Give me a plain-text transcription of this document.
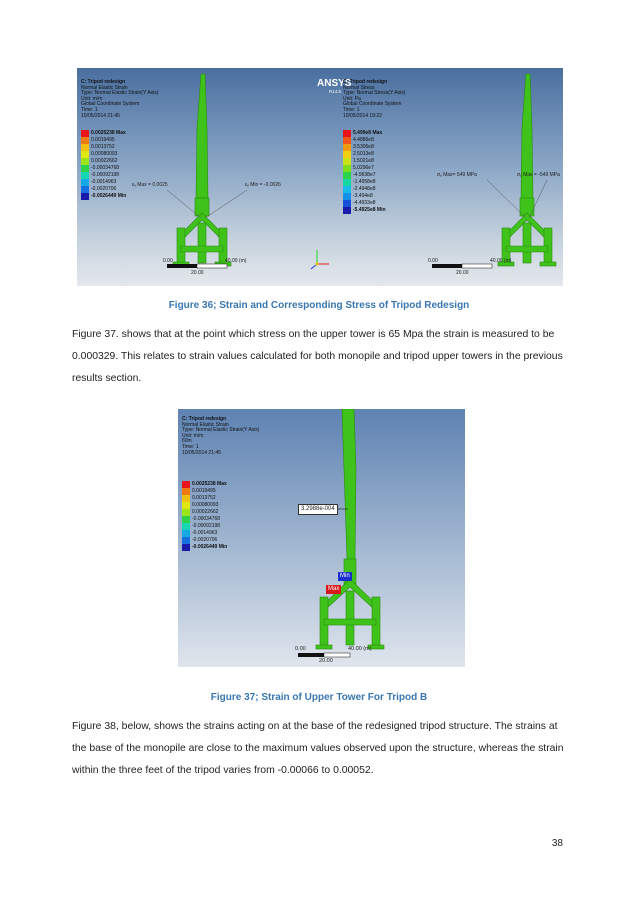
C: Tripod redesign
Normal Elastic Strain
Type: Normal Elastic Strain(Y Axis)
Unit: m/m
Global Coordinate System
Time: 1
10/05/2014 21:45
0.0025238 Max
0.0019495
0.0013752
0.00080093
0.00022662
-0.00034768
-0.00092198
-0.0014963
-0.0020706
-0.0026449 Min
ANSYS
R14.5
C: Tripod redesign
Normal Stress
Type: Normal Stress(Y Axis)
Unit: Pa
Global Coordinate System
Time: 1
10/05/2014 18:22
5.499e8 Max
4.4886e8
3.5305e8
2.5013e8
1.5021e8
5.0296e7
-4.9638e7
-1.4958e8
-2.4948e8
-3.494e8
-4.4933e8
-5.4925e8 Min
εᵧ Max = 0.0025	εᵧ Min = -0.0026
σᵧ Max= 549 MPa	σᵧ Max = -549 MPa
0.00	40.00 (m)
20.00
0.00	40.00 (m)
20.00
Figure 36; Strain and Corresponding Stress of Tripod Redesign
Figure 37. shows that at the point which stress on the upper tower is 65 Mpa the strain is measured to be 0.000329. This relates to strain values calculated for both monopile and tripod upper towers in the previous results section.
C: Tripod redesign
Normal Elastic Strain
Type: Normal Elastic Strain(Y Axis)
Unit: m/m
60m
Time: 1
10/05/2014 21:45
0.0025238 Max
0.0019495
0.0013752
0.00080093
0.00022662
-0.00034768
-0.00092198
-0.0014963
-0.0020706
-0.0026449 Min
3.2988e-004
Min
Max
0.00	40.00 (m)
20.00
Figure 37; Strain of Upper Tower For Tripod B
Figure 38, below, shows the strains acting on at the base of the redesigned tripod structure. The strains at the base of the monopile are close to the maximum values observed upon the structure, whereas the strain within the three feet of the tripod varies from -0.00066 to 0.00052.
38
